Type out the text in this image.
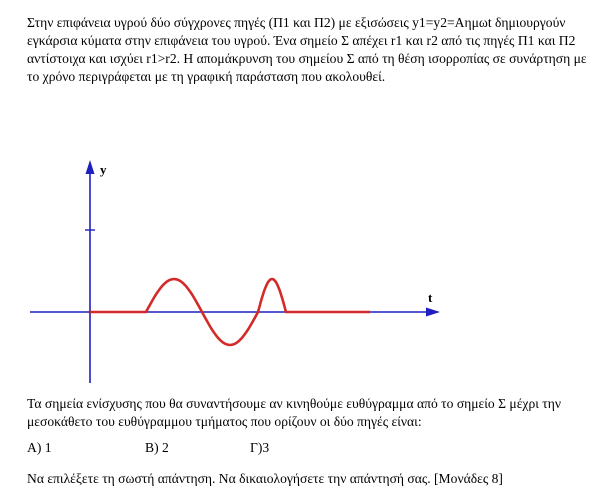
Στην επιφάνεια υγρού δύο σύγχρονες πηγές (Π1 και Π2) με εξισώσεις y1=y2=Αημωt δημιουργούν εγκάρσια κύματα στην επιφάνεια του υγρού. Ένα σημείο Σ απέχει r1 και r2 από τις πηγές Π1 και Π2 αντίστοιχα και ισχύει r1>r2. Η απομάκρυνση του σημείου Σ από τη θέση ισορροπίας σε συνάρτηση με το χρόνο περιγράφεται με τη γραφική παράσταση που ακολουθεί.

y
t

Τα σημεία ενίσχυσης που θα συναντήσουμε αν κινηθούμε ευθύγραμμα από το σημείο Σ μέχρι την μεσοκάθετο του ευθύγραμμου τμήματος που ορίζουν οι δύο πηγές είναι:

Α) 1	Β) 2	Γ)3

Να επιλέξετε τη σωστή απάντηση. Να δικαιολογήσετε την απάντησή σας. [Μονάδες 8]
